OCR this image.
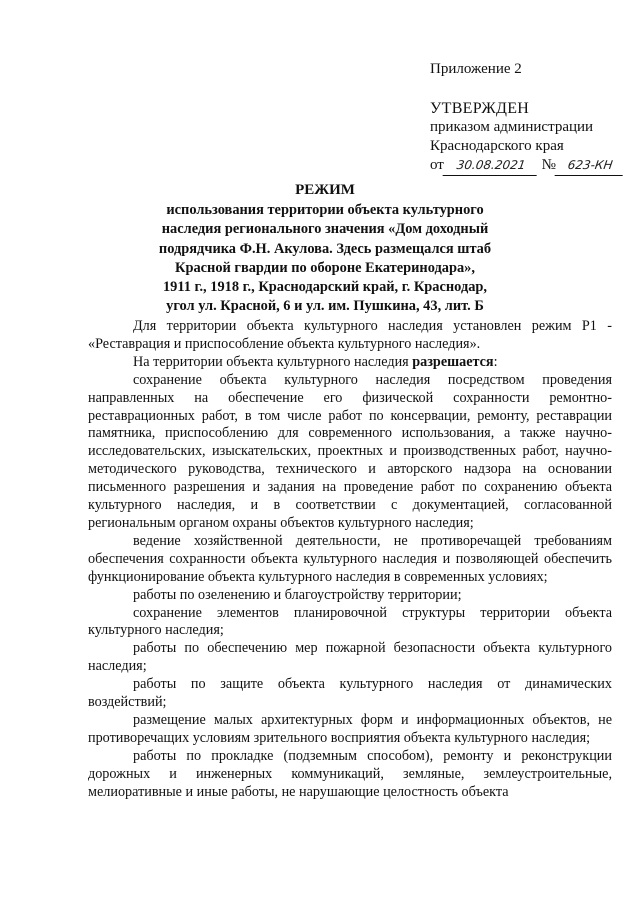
Приложение 2
УТВЕРЖДЕН
приказом администрации
Краснодарского края
от 30.08.2021 № 623-КН
РЕЖИМ
использования территории объекта культурного
наследия регионального значения «Дом доходный
подрядчика Ф.Н. Акулова. Здесь размещался штаб
Красной гвардии по обороне Екатеринодара»,
1911 г., 1918 г., Краснодарский край, г. Краснодар,
угол ул. Красной, 6 и ул. им. Пушкина, 43, лит. Б

Для территории объекта культурного наследия установлен режим Р1 - «Реставрация и приспособление объекта культурного наследия».

На территории объекта культурного наследия разрешается:

сохранение объекта культурного наследия посредством проведения направленных на обеспечение его физической сохранности ремонтно-реставрационных работ, в том числе работ по консервации, ремонту, реставрации памятника, приспособлению для современного использования, а также научно-исследовательских, изыскательских, проектных и производственных работ, научно-методического руководства, технического и авторского надзора на основании письменного разрешения и задания на проведение работ по сохранению объекта культурного наследия, и в соответствии с документацией, согласованной региональным органом охраны объектов культурного наследия;

ведение хозяйственной деятельности, не противоречащей требованиям обеспечения сохранности объекта культурного наследия и позволяющей обеспечить функционирование объекта культурного наследия в современных условиях;

работы по озеленению и благоустройству территории;

сохранение элементов планировочной структуры территории объекта культурного наследия;

работы по обеспечению мер пожарной безопасности объекта культурного наследия;

работы по защите объекта культурного наследия от динамических воздействий;

размещение малых архитектурных форм и информационных объектов, не противоречащих условиям зрительного восприятия объекта культурного наследия;

работы по прокладке (подземным способом), ремонту и реконструкции дорожных и инженерных коммуникаций, земляные, землеустроительные, мелиоративные и иные работы, не нарушающие целостность объекта
